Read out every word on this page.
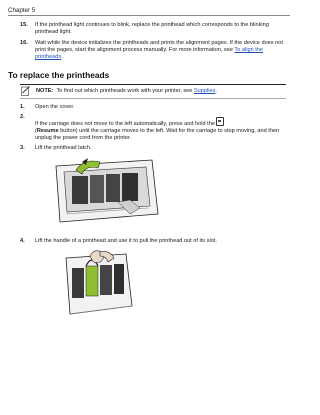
Chapter 5
15.	If the printhead light continues to blink, replace the printhead which corresponds to the blinking printhead light.
16.	Wait while the device initializes the printheads and prints the alignment pages. If the device does not print the pages, start the alignment process manually. For more information, see To align the printheads.
To replace the printheads
NOTE: To find out which printheads work with your printer, see Supplies.
1.	Open the cover.
2.
If the carriage does not move to the left automatically, press and hold the
(Resume button) until the carriage moves to the left. Wait for the carriage to stop moving, and then unplug the power cord from the printer.
3.	Lift the printhead latch.
4.	Lift the handle of a printhead and use it to pull the printhead out of its slot.
